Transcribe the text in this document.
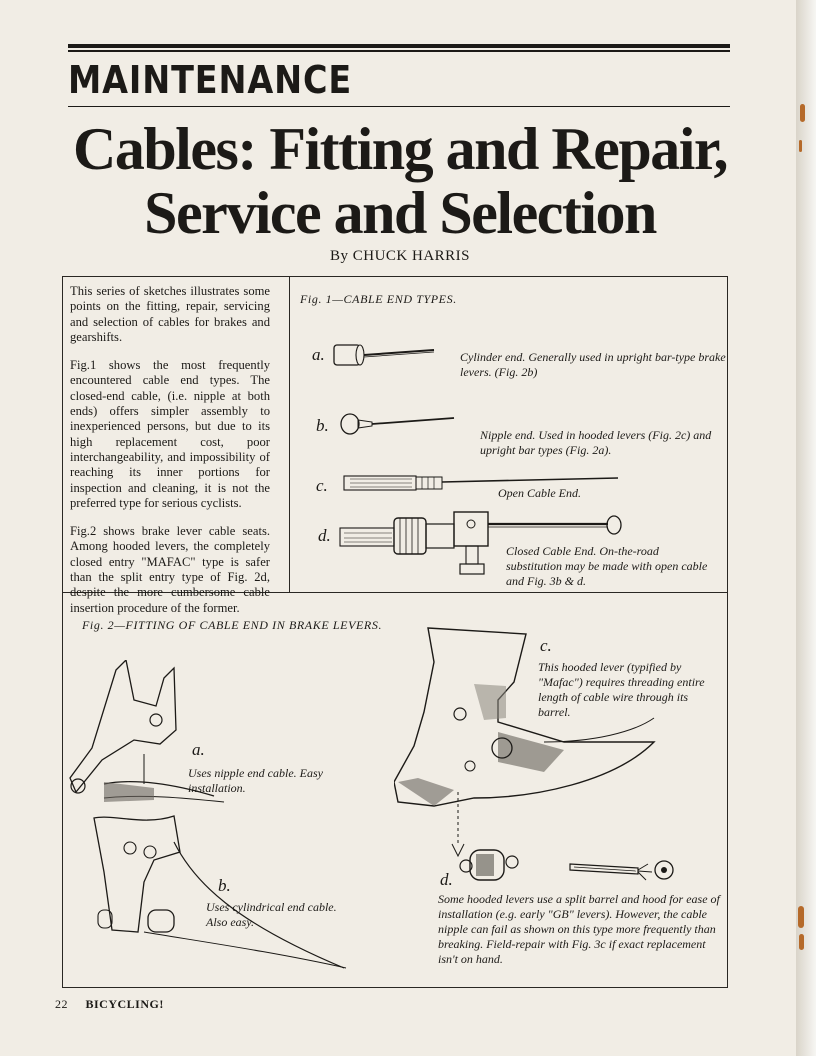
MAINTENANCE
Cables: Fitting and Repair,
Service and Selection
By CHUCK HARRIS

This series of sketches illustrates some points on the fitting, repair, servicing and selection of cables for brakes and gearshifts.

Fig.1 shows the most frequently encountered cable end types. The closed-end cable, (i.e. nipple at both ends) offers simpler assembly to inexperienced persons, but due to its high replacement cost, poor interchangeability, and impossibility of reaching its inner portions for inspection and cleaning, it is not the preferred type for serious cyclists.

Fig.2 shows brake lever cable seats. Among hooded levers, the completely closed entry "MAFAC" type is safer than the split entry type of Fig. 2d, despite the more cumbersome cable insertion procedure of the former.

Fig. 1—CABLE END TYPES.
a.	Cylinder end. Generally used in upright bar-type brake levers. (Fig. 2b)
b.	Nipple end. Used in hooded levers (Fig. 2c) and upright bar types (Fig. 2a).
c.	Open Cable End.
d.
Closed Cable End. On-the-road substitution may be made with open cable and Fig. 3b & d.
Fig. 2—FITTING OF CABLE END IN BRAKE LEVERS.
a.
Uses nipple end cable. Easy installation.
b.
Uses cylindrical end cable. Also easy.
c.
This hooded lever (typified by "Mafac") requires threading entire length of cable wire through its barrel.
d.
Some hooded levers use a split barrel and hood for ease of installation (e.g. early "GB" levers). However, the cable nipple can fail as shown on this type more frequently than breaking. Field-repair with Fig. 3c if exact replacement isn't on hand.
22 BICYCLING!
